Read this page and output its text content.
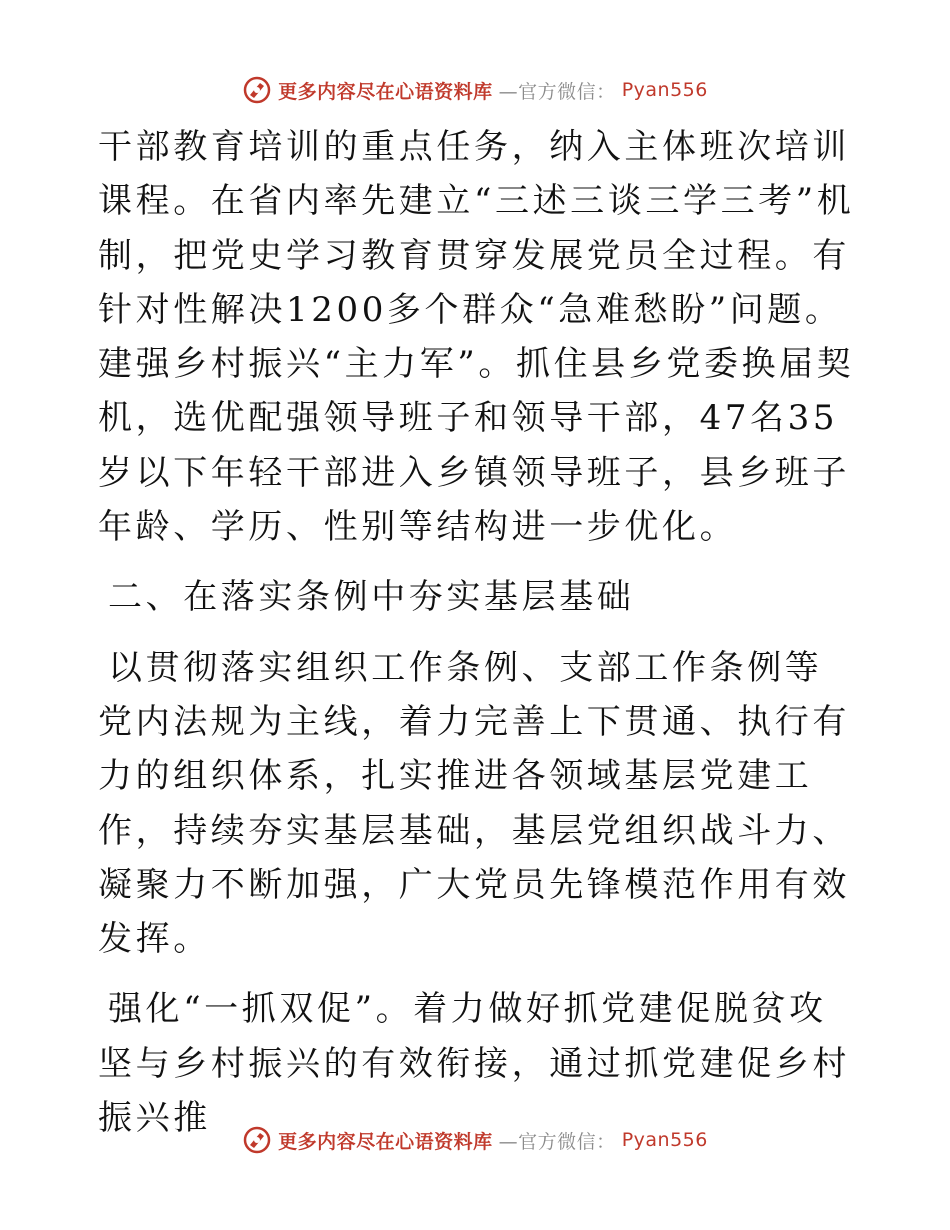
更多内容尽在心语资料库 —官方微信： Pyan556

干部教育培训的重点任务，纳入主体班次培训课程。在省内率先建立“三述三谈三学三考”机制，把党史学习教育贯穿发展党员全过程。有针对性解决1200多个群众“急难愁盼”问题。建强乡村振兴“主力军”。抓住县乡党委换届契机，选优配强领导班子和领导干部，47名35岁以下年轻干部进入乡镇领导班子，县乡班子年龄、学历、性别等结构进一步优化。

二、在落实条例中夯实基层基础

以贯彻落实组织工作条例、支部工作条例等党内法规为主线，着力完善上下贯通、执行有力的组织体系，扎实推进各领域基层党建工作，持续夯实基层基础，基层党组织战斗力、凝聚力不断加强，广大党员先锋模范作用有效发挥。

强化“一抓双促”。着力做好抓党建促脱贫攻坚与乡村振兴的有效衔接，通过抓党建促乡村振兴推

更多内容尽在心语资料库 —官方微信： Pyan556
